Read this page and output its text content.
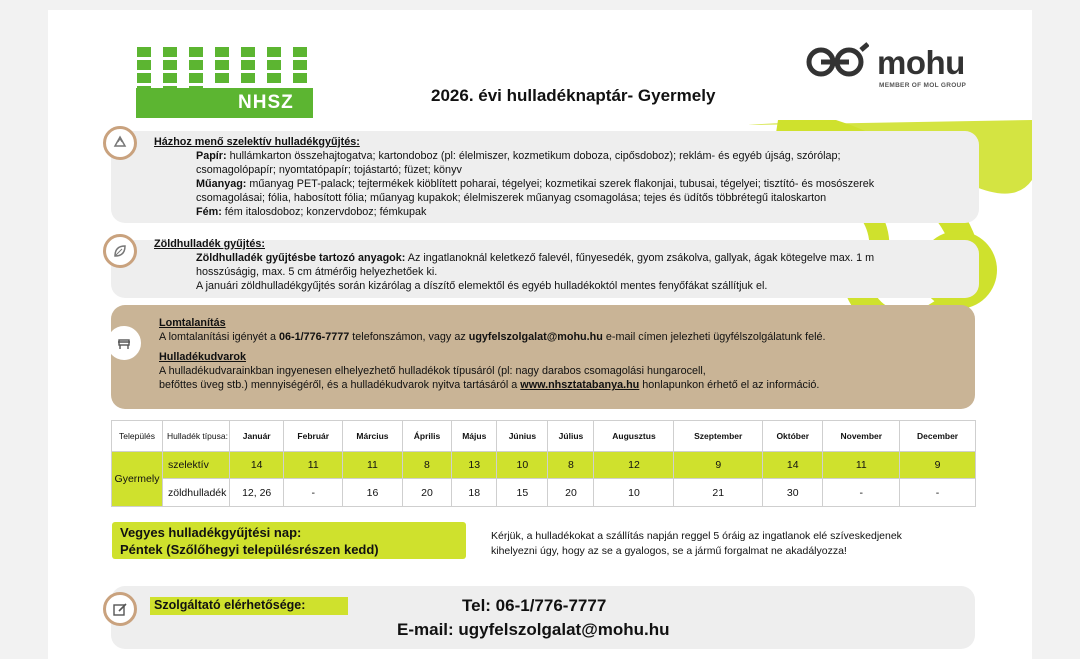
NHSZ
mohu
MEMBER OF MOL GROUP
2026. évi hulladéknaptár- Gyermely
Házhoz menő szelektív hulladékgyűjtés:
Papír: hullámkarton összehajtogatva; kartondoboz (pl: élelmiszer, kozmetikum doboza, cipősdoboz); reklám- és egyéb újság, szórólap;
csomagolópapír; nyomtatópapír; tojástartó; füzet; könyv
Műanyag: műanyag PET-palack; tejtermékek kiöblített poharai, tégelyei; kozmetikai szerek flakonjai, tubusai, tégelyei; tisztító- és mosószerek
csomagolásai; fólia, habosított fólia; műanyag kupakok; élelmiszerek műanyag csomagolása; tejes és üdítős többrétegű italoskarton
Fém: fém italosdoboz; konzervdoboz; fémkupak
Zöldhulladék gyűjtés:
Zöldhulladék gyűjtésbe tartozó anyagok: Az ingatlanoknál keletkező falevél, fűnyesedék, gyom zsákolva, gallyak, ágak kötegelve max. 1 m
hosszúságig, max. 5 cm átmérőig helyezhetőek ki.
A januári zöldhulladékgyűjtés során kizárólag a díszítő elemektől és egyéb hulladékoktól mentes fenyőfákat szállítjuk el.
Lomtalanítás
A lomtalanítási igényét a 06-1/776-7777 telefonszámon, vagy az ugyfelszolgalat@mohu.hu e-mail címen jelezheti ügyfélszolgálatunk felé.
Hulladékudvarok
A hulladékudvarainkban ingyenesen elhelyezhető hulladékok típusáról (pl: nagy darabos csomagolási hungarocell,
befőttes üveg stb.) mennyiségéről, és a hulladékudvarok nyitva tartásáról a www.nhsztatabanya.hu honlapunkon érhető el az információ.
Település	Hulladék típusa:	Január	Február	Március	Április	Május	Június	Július	Augusztus	Szeptember	Október	November	December
Gyermely	szelektív	14	11	11	8	13	10	8	12	9	14	11	9
	zöldhulladék	12, 26	-	16	20	18	15	20	10	21	30	-	-
Vegyes hulladékgyűjtési nap:
Péntek (Szőlőhegyi településrészen kedd)
Kérjük, a hulladékokat a szállítás napján reggel 5 óráig az ingatlanok elé szíveskedjenek
kihelyezni úgy, hogy az se a gyalogos, se a jármű forgalmat ne akadályozza!
Szolgáltató elérhetősége:	Tel: 06-1/776-7777
E-mail: ugyfelszolgalat@mohu.hu
